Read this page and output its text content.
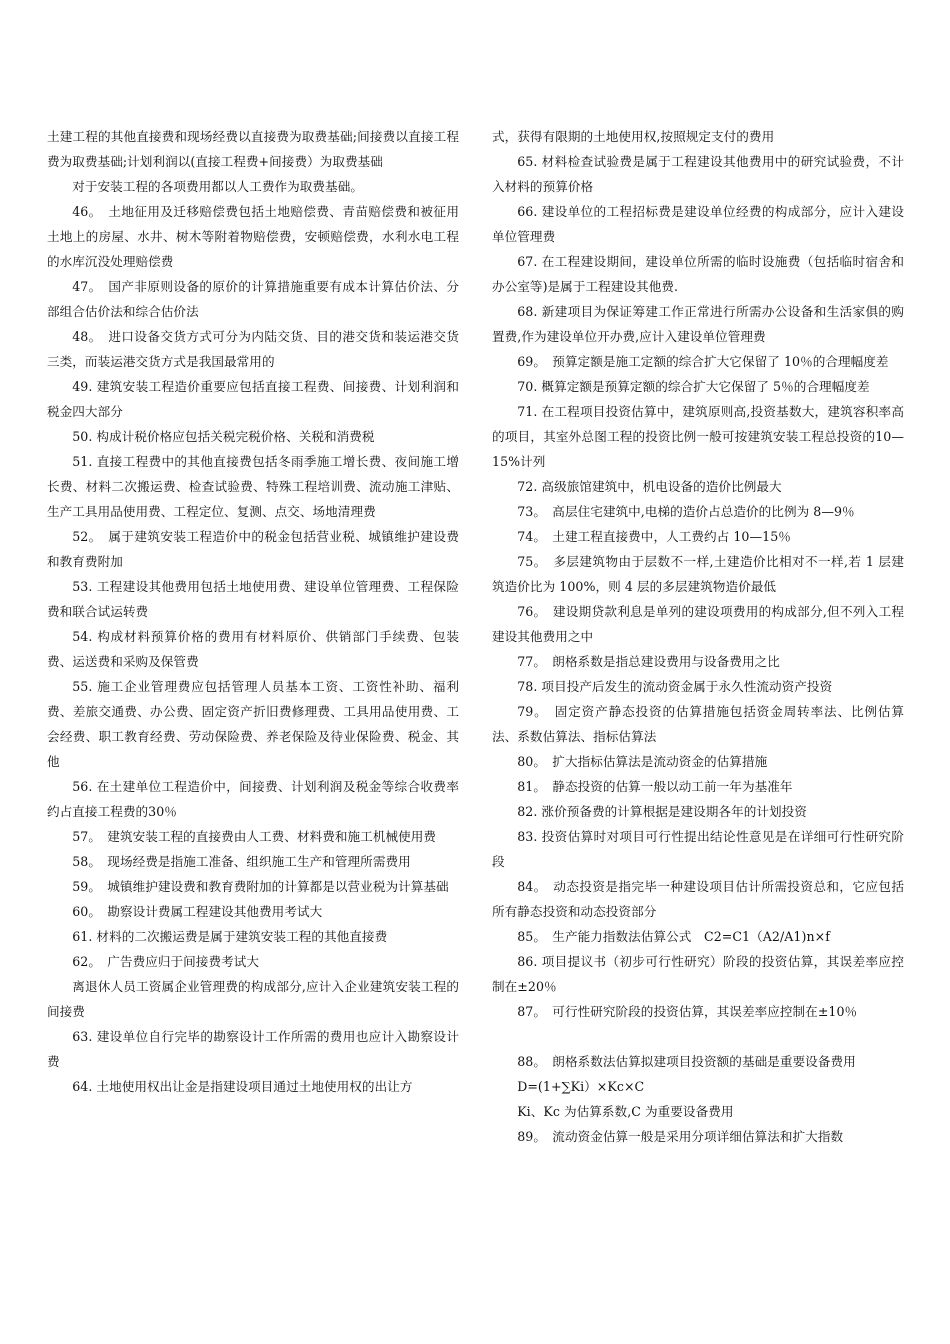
土建工程的其他直接费和现场经费以直接费为取费基础;间接费以直接工程费为取费基础;计划利润以(直接工程费+间接费）为取费基础

对于安装工程的各项费用都以人工费作为取费基础。

46。　土地征用及迁移赔偿费包括土地赔偿费、青苗赔偿费和被征用土地上的房屋、水井、树木等附着物赔偿费，安顿赔偿费，水利水电工程的水库沉没处理赔偿费

47。　国产非原则设备的原价的计算措施重要有成本计算估价法、分部组合估价法和综合估价法

48。　进口设备交货方式可分为内陆交货、目的港交货和装运港交货三类，而装运港交货方式是我国最常用的

49. 建筑安装工程造价重要应包括直接工程费、间接费、计划利润和税金四大部分

50. 构成计税价格应包括关税完税价格、关税和消费税

51. 直接工程费中的其他直接费包括冬雨季施工增长费、夜间施工增长费、材料二次搬运费、检查试验费、特殊工程培训费、流动施工津贴、生产工具用品使用费、工程定位、复测、点交、场地清理费

52。　属于建筑安装工程造价中的税金包括营业税、城镇维护建设费和教育费附加

53. 工程建设其他费用包括土地使用费、建设单位管理费、工程保险费和联合试运转费

54. 构成材料预算价格的费用有材料原价、供销部门手续费、包装费、运送费和采购及保管费

55. 施工企业管理费应包括管理人员基本工资、工资性补助、福利费、差旅交通费、办公费、固定资产折旧费修理费、工具用品使用费、工会经费、职工教育经费、劳动保险费、养老保险及待业保险费、税金、其他

56. 在土建单位工程造价中，间接费、计划利润及税金等综合收费率约占直接工程费的30％

57。　建筑安装工程的直接费由人工费、材料费和施工机械使用费

58。　现场经费是指施工准备、组织施工生产和管理所需费用

59。　城镇维护建设费和教育费附加的计算都是以营业税为计算基础

60。　勘察设计费属工程建设其他费用考试大

61. 材料的二次搬运费是属于建筑安装工程的其他直接费

62。　广告费应归于间接费考试大

离退休人员工资属企业管理费的构成部分,应计入企业建筑安装工程的间接费

63. 建设单位自行完毕的勘察设计工作所需的费用也应计入勘察设计费

64. 土地使用权出让金是指建设项目通过土地使用权的出让方

式，获得有限期的土地使用权,按照规定支付的费用

65. 材料检查试验费是属于工程建设其他费用中的研究试验费，不计入材料的预算价格

66. 建设单位的工程招标费是建设单位经费的构成部分，应计入建设单位管理费

67. 在工程建设期间，建设单位所需的临时设施费（包括临时宿舍和办公室等)是属于工程建设其他费.

68. 新建项目为保证筹建工作正常进行所需办公设备和生活家俱的购置费,作为建设单位开办费,应计入建设单位管理费

69。　预算定额是施工定额的综合扩大它保留了 10％的合理幅度差

70. 概算定额是预算定额的综合扩大它保留了 5％的合理幅度差

71. 在工程项目投资估算中，建筑原则高,投资基数大，建筑容积率高的项目，其室外总图工程的投资比例一般可按建筑安装工程总投资的10—15%计列

72. 高级旅馆建筑中，机电设备的造价比例最大

73。　高层住宅建筑中,电梯的造价占总造价的比例为 8—9％

74。　土建工程直接费中，人工费约占 10—15％

75。　多层建筑物由于层数不一样,土建造价比相对不一样,若 1 层建筑造价比为 100%，则 4 层的多层建筑物造价最低

76。　建设期贷款利息是单列的建设项费用的构成部分,但不列入工程建设其他费用之中

77。　朗格系数是指总建设费用与设备费用之比

78. 项目投产后发生的流动资金属于永久性流动资产投资

79。　固定资产静态投资的估算措施包括资金周转率法、比例估算法、系数估算法、指标估算法

80。　扩大指标估算法是流动资金的估算措施

81。　静态投资的估算一般以动工前一年为基准年

82. 涨价预备费的计算根据是建设期各年的计划投资

83. 投资估算时对项目可行性提出结论性意见是在详细可行性研究阶段

84。　动态投资是指完毕一种建设项目估计所需投资总和，它应包括所有静态投资和动态投资部分

85。　生产能力指数法估算公式　C2=C1（A2/A1)n×f

86. 项目提议书（初步可行性研究）阶段的投资估算，其误差率应控制在±20％

87。　可行性研究阶段的投资估算，其误差率应控制在±10％

88。　朗格系数法估算拟建项目投资额的基础是重要设备费用

D=(1+∑Ki）×Kc×C

Ki、Kc 为估算系数,C 为重要设备费用

89。　流动资金估算一般是采用分项详细估算法和扩大指数
